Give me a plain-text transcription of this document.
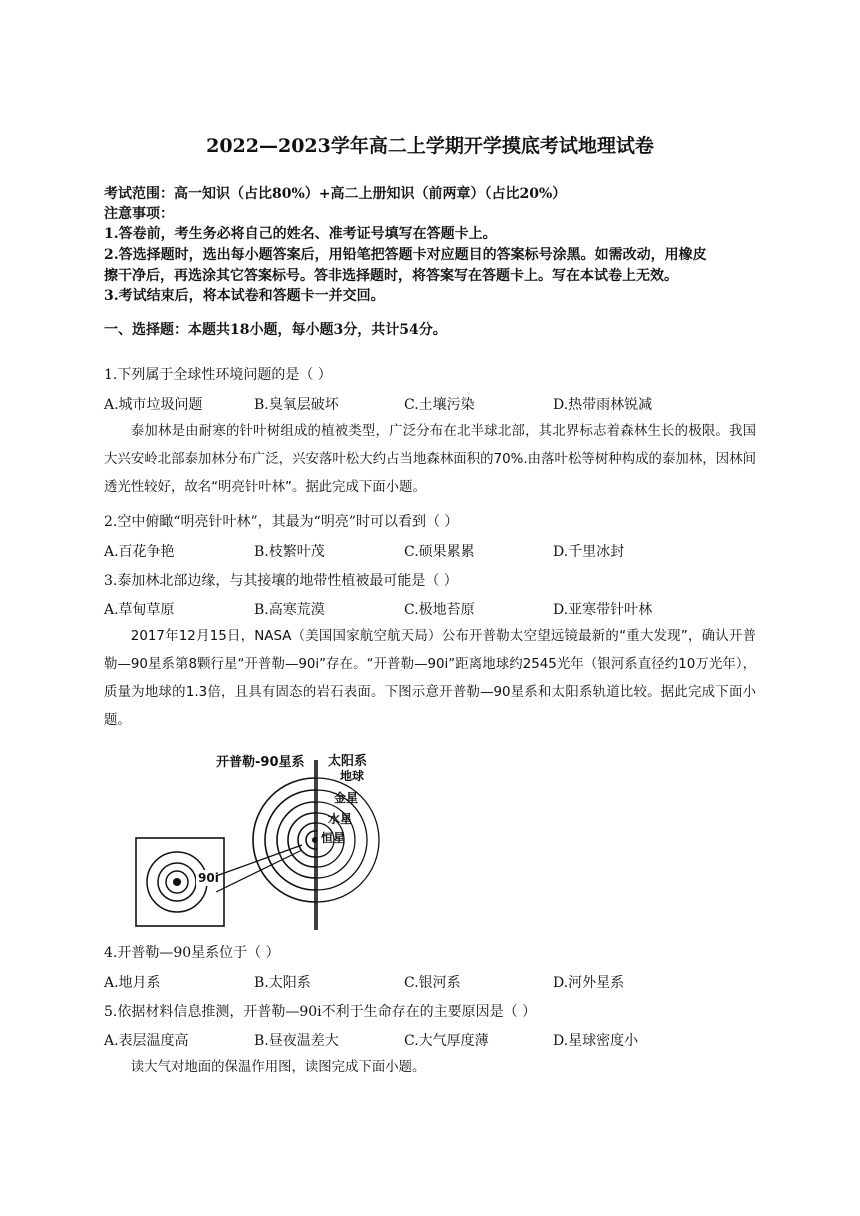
2022—2023学年高二上学期开学摸底考试地理试卷
考试范围：高一知识（占比80%）+高二上册知识（前两章）（占比20%）
注意事项：
1.答卷前，考生务必将自己的姓名、准考证号填写在答题卡上。
2.答选择题时，选出每小题答案后，用铅笔把答题卡对应题目的答案标号涂黑。如需改动，用橡皮
擦干净后，再选涂其它答案标号。答非选择题时，将答案写在答题卡上。写在本试卷上无效。
3.考试结束后，将本试卷和答题卡一并交回。
一、选择题：本题共18小题，每小题3分，共计54分。
1.下列属于全球性环境问题的是（ ）
A.城市垃圾问题	B.臭氧层破坏	C.土壤污染	D.热带雨林锐减
泰加林是由耐寒的针叶树组成的植被类型，广泛分布在北半球北部，其北界标志着森林生长的极限。我国大兴安岭北部泰加林分布广泛，兴安落叶松大约占当地森林面积的70%.由落叶松等树种构成的泰加林，因林间透光性较好，故名“明亮针叶林”。据此完成下面小题。
2.空中俯瞰“明亮针叶林”，其最为“明亮”时可以看到（ ）
A.百花争艳	B.枝繁叶茂	C.硕果累累	D.千里冰封
3.泰加林北部边缘，与其接壤的地带性植被最可能是（ ）
A.草甸草原	B.高寒荒漠	C.极地苔原	D.亚寒带针叶林
2017年12月15日，NASA（美国国家航空航天局）公布开普勒太空望远镜最新的“重大发现”，确认开普勒—90星系第8颗行星“开普勒—90i”存在。“开普勒—90i”距离地球约2545光年（银河系直径约10万光年），质量为地球的1.3倍，且具有固态的岩石表面。下图示意开普勒—90星系和太阳系轨道比较。据此完成下面小题。
开普勒-90星系 太阳系
地球
金星
水星
恒星
90i
4.开普勒—90星系位于（ ）
A.地月系	B.太阳系	C.银河系	D.河外星系
5.依据材料信息推测，开普勒—90i不利于生命存在的主要原因是（ ）
A.表层温度高	B.昼夜温差大	C.大气厚度薄	D.星球密度小
读大气对地面的保温作用图，读图完成下面小题。
